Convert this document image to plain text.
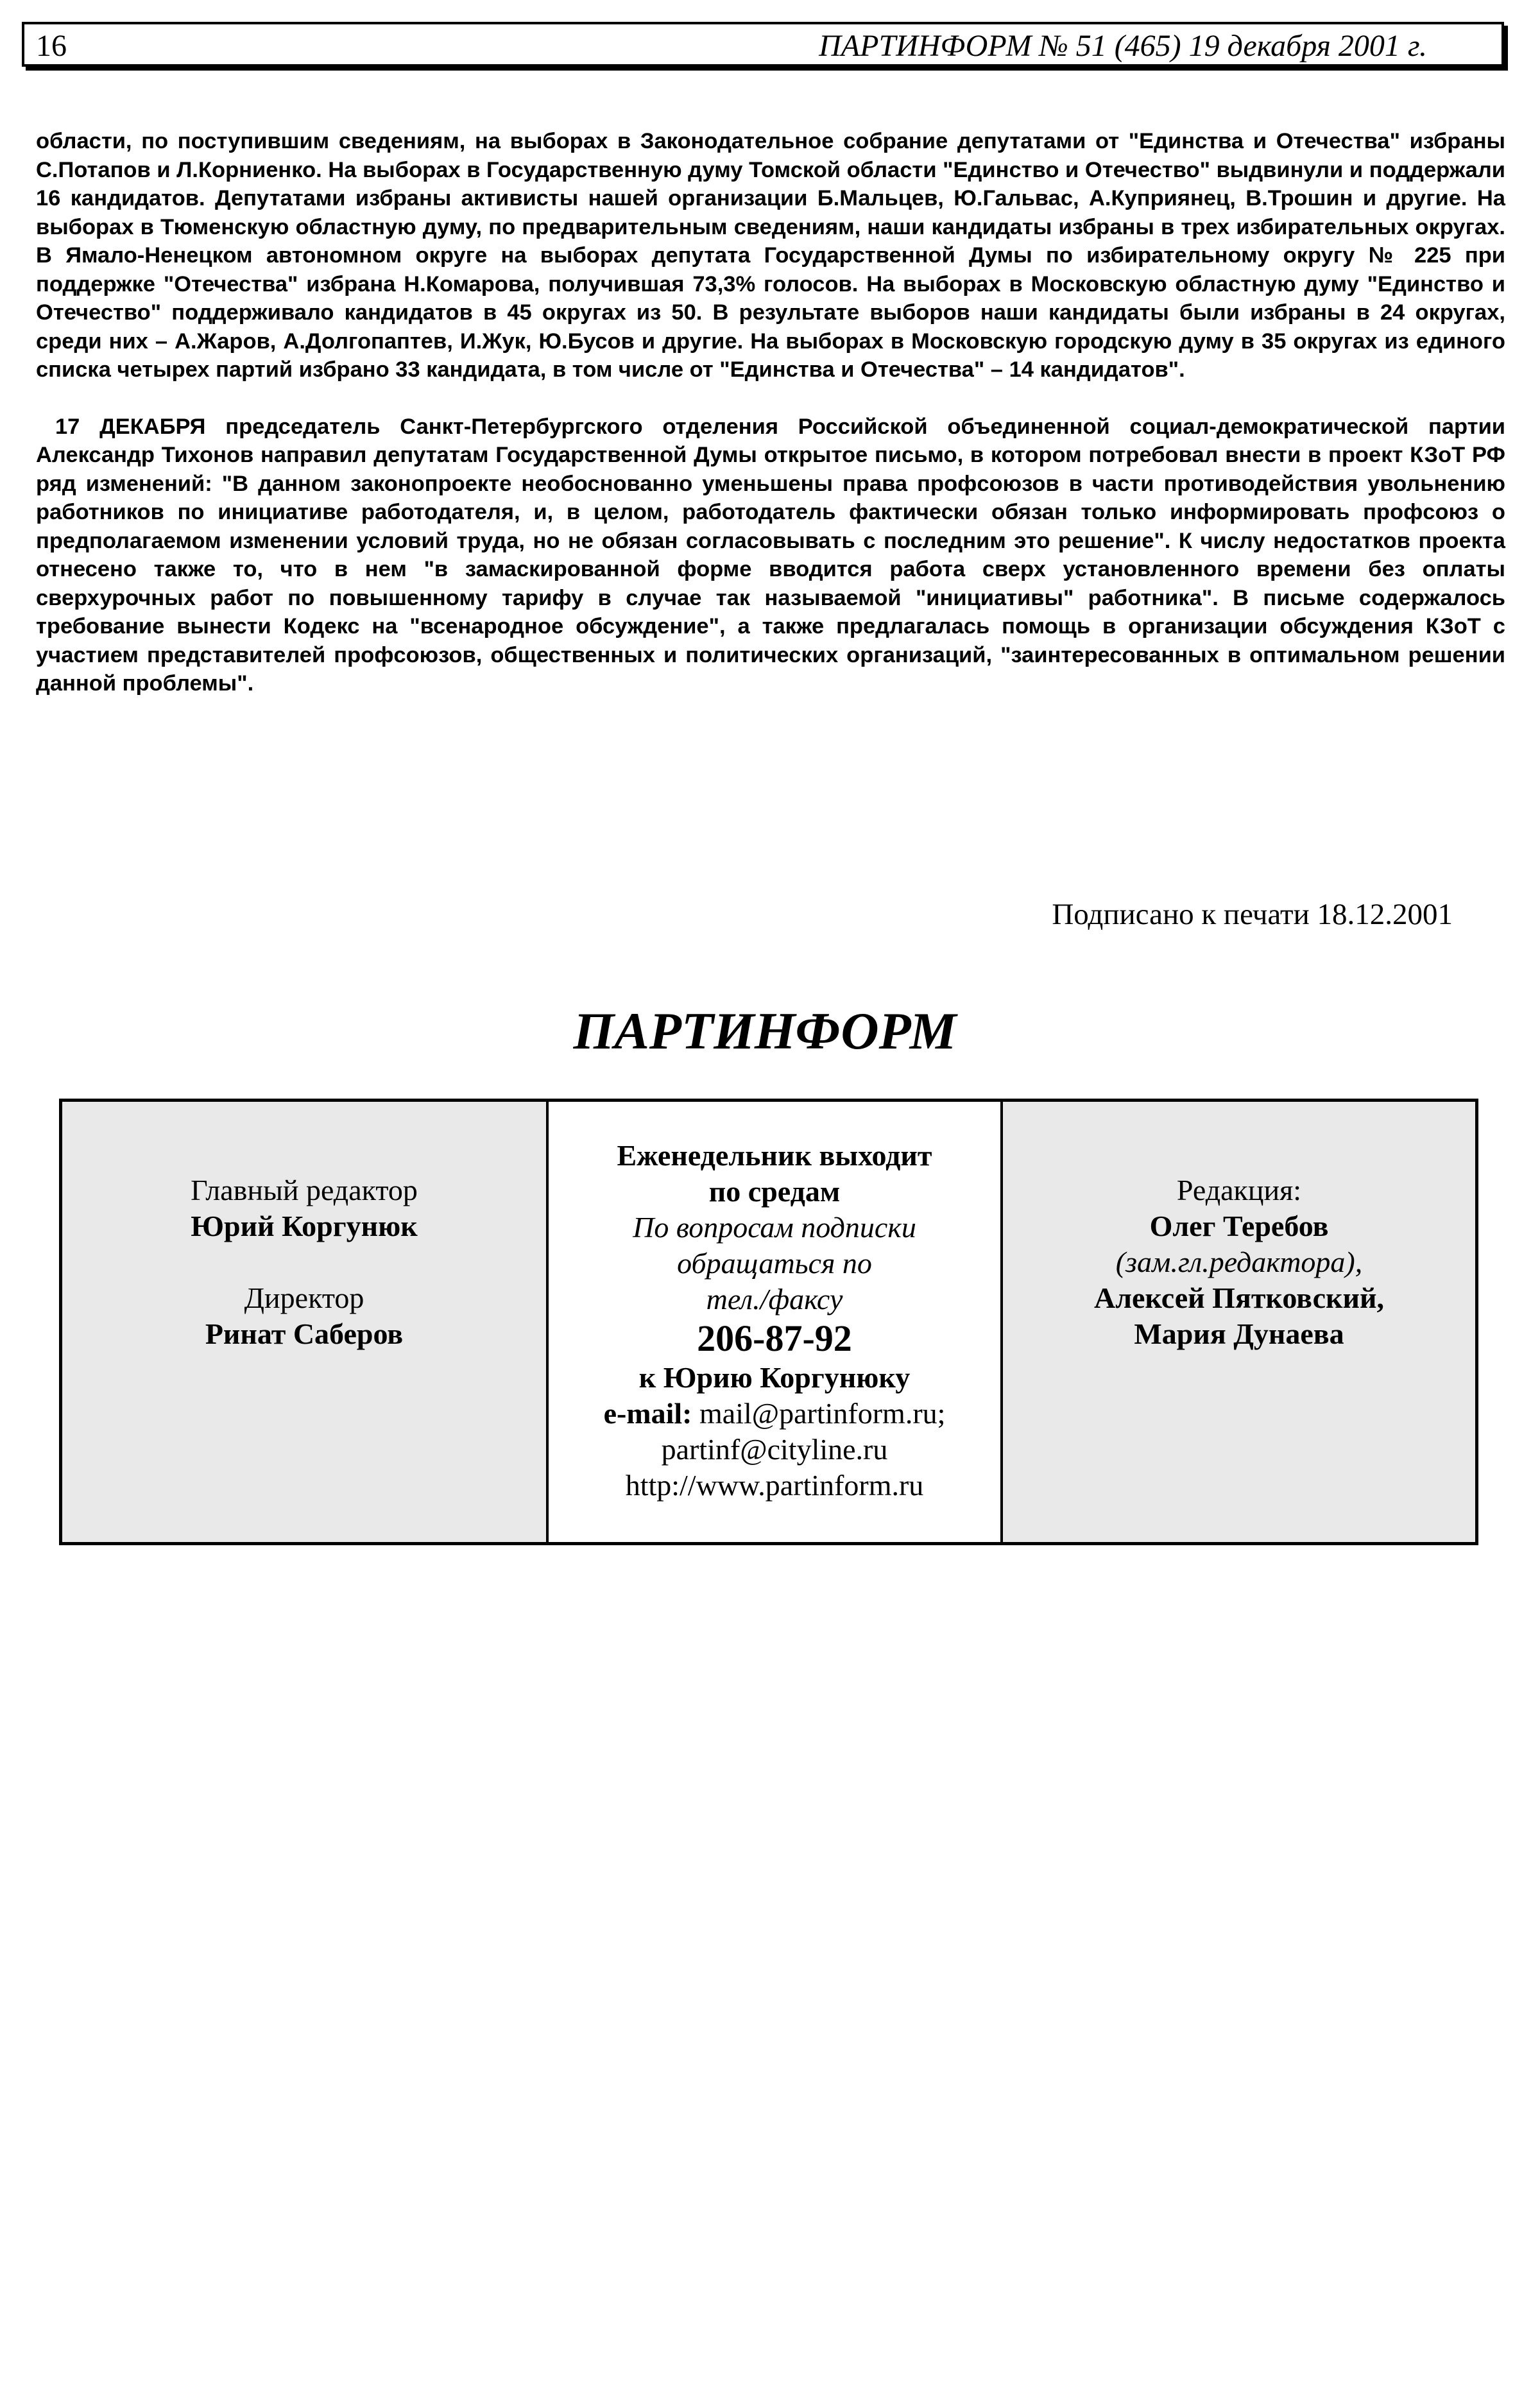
16	ПАРТИНФОРМ № 51 (465) 19 декабря 2001 г.

области, по поступившим сведениям, на выборах в Законодательное собрание депутатами от "Единства и Отечества" избраны С.Потапов и Л.Корниенко. На выборах в Государственную думу Томской области "Единство и Отечество" выдвинули и поддержали 16 кандидатов. Депутатами избраны активисты нашей организации Б.Мальцев, Ю.Гальвас, А.Куприянец, В.Трошин и другие. На выборах в Тюменскую областную думу, по предварительным сведениям, наши кандидаты избраны в трех избирательных округах. В Ямало-Ненецком автономном округе на выборах депутата Государственной Думы по избирательному округу № 225 при поддержке "Отечества" избрана Н.Комарова, получившая 73,3% голосов. На выборах в Московскую областную думу "Единство и Отечество" поддерживало кандидатов в 45 округах из 50. В результате выборов наши кандидаты были избраны в 24 округах, среди них – А.Жаров, А.Долгопаптев, И.Жук, Ю.Бусов и другие. На выборах в Московскую городскую думу в 35 округах из единого списка четырех партий избрано 33 кандидата, в том числе от "Единства и Отечества" – 14 кандидатов".

17 ДЕКАБРЯ председатель Санкт-Петербургского отделения Российской объединенной социал-демократической партии Александр Тихонов направил депутатам Государственной Думы открытое письмо, в котором потребовал внести в проект КЗоТ РФ ряд изменений: "В данном законопроекте необоснованно уменьшены права профсоюзов в части противодействия увольнению работников по инициативе работодателя, и, в целом, работодатель фактически обязан только информировать профсоюз о предполагаемом изменении условий труда, но не обязан согласовывать с последним это решение". К числу недостатков проекта отнесено также то, что в нем "в замаскированной форме вводится работа сверх установленного времени без оплаты сверхурочных работ по повышенному тарифу в случае так называемой "инициативы" работника". В письме содержалось требование вынести Кодекс на "всенародное обсуждение", а также предлагалась помощь в организации обсуждения КЗоТ с участием представителей профсоюзов, общественных и политических организаций, "заинтересованных в оптимальном решении данной проблемы".

Подписано к печати 18.12.2001
ПАРТИНФОРМ
Главный редактор
Юрий Коргунюк
Директор
Ринат Саберов
Еженедельник выходит
по средам
По вопросам подписки
обращаться по
тел./факсу
206-87-92
к Юрию Коргунюку
e-mail: mail@partinform.ru;
partinf@cityline.ru
http://www.partinform.ru
Редакция:
Олег Теребов
(зам.гл.редактора),
Алексей Пятковский,
Мария Дунаева
